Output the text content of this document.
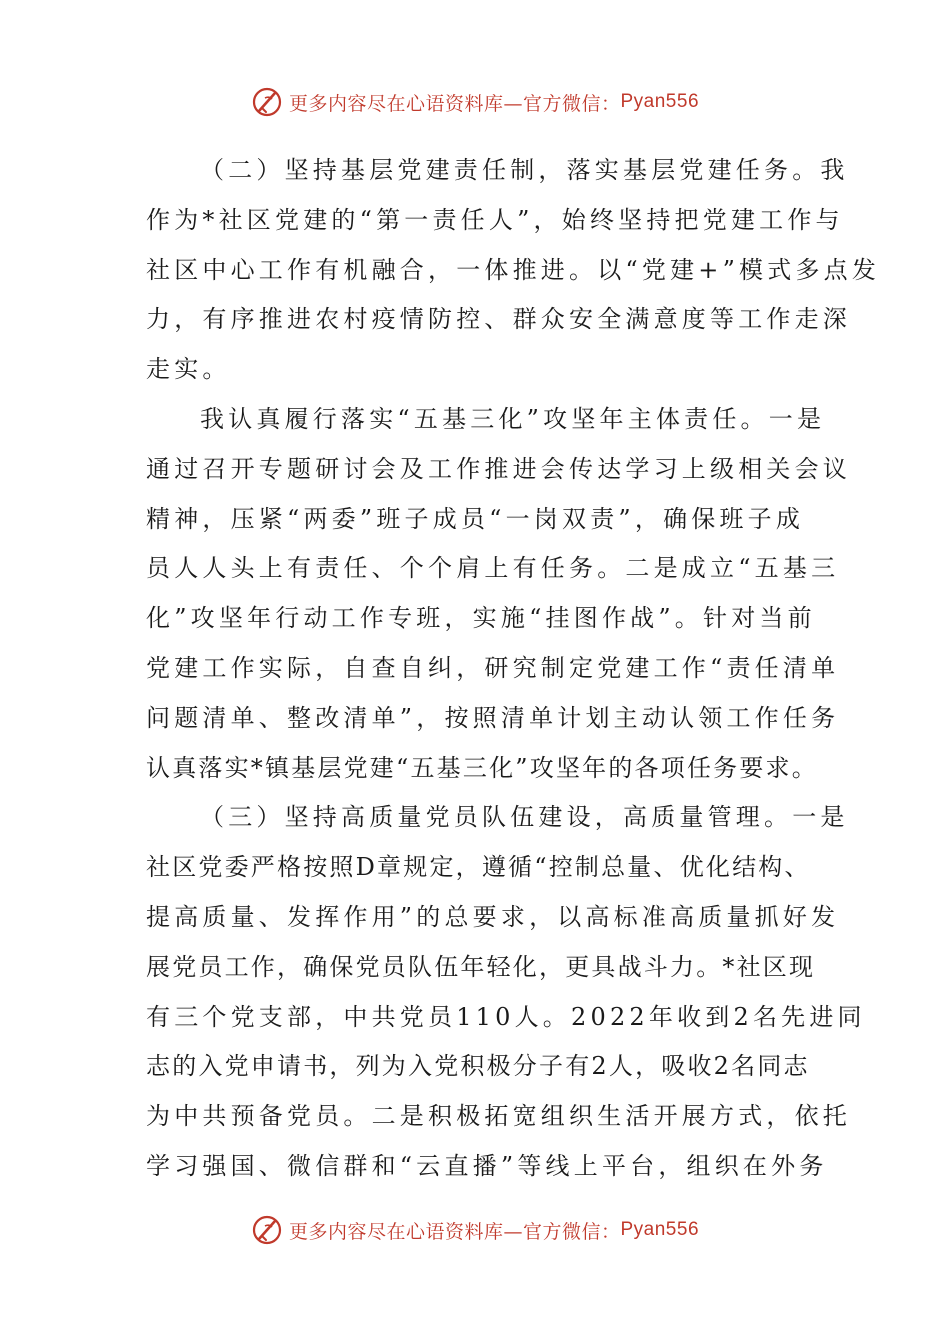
更多内容尽在心语资料库—官方微信： Pyan556
（二）坚持基层党建责任制，落实基层党建任务。我
作为*社区党建的“第一责任人”，始终坚持把党建工作与
社区中心工作有机融合，一体推进。以“党建+”模式多点发
力，有序推进农村疫情防控、群众安全满意度等工作走深
走实。
我认真履行落实“五基三化”攻坚年主体责任。一是
通过召开专题研讨会及工作推进会传达学习上级相关会议
精神，压紧“两委”班子成员“一岗双责”，确保班子成
员人人头上有责任、个个肩上有任务。二是成立“五基三
化”攻坚年行动工作专班，实施“挂图作战”。针对当前
党建工作实际，自查自纠，研究制定党建工作“责任清单
问题清单、整改清单”，按照清单计划主动认领工作任务
认真落实*镇基层党建“五基三化”攻坚年的各项任务要求。
（三）坚持高质量党员队伍建设，高质量管理。一是
社区党委严格按照D章规定，遵循“控制总量、优化结构、
提高质量、发挥作用”的总要求，以高标准高质量抓好发
展党员工作，确保党员队伍年轻化，更具战斗力。*社区现
有三个党支部，中共党员110人。2022年收到2名先进同
志的入党申请书，列为入党积极分子有2人，吸收2名同志
为中共预备党员。二是积极拓宽组织生活开展方式，依托
学习强国、微信群和“云直播”等线上平台，组织在外务
更多内容尽在心语资料库—官方微信： Pyan556
